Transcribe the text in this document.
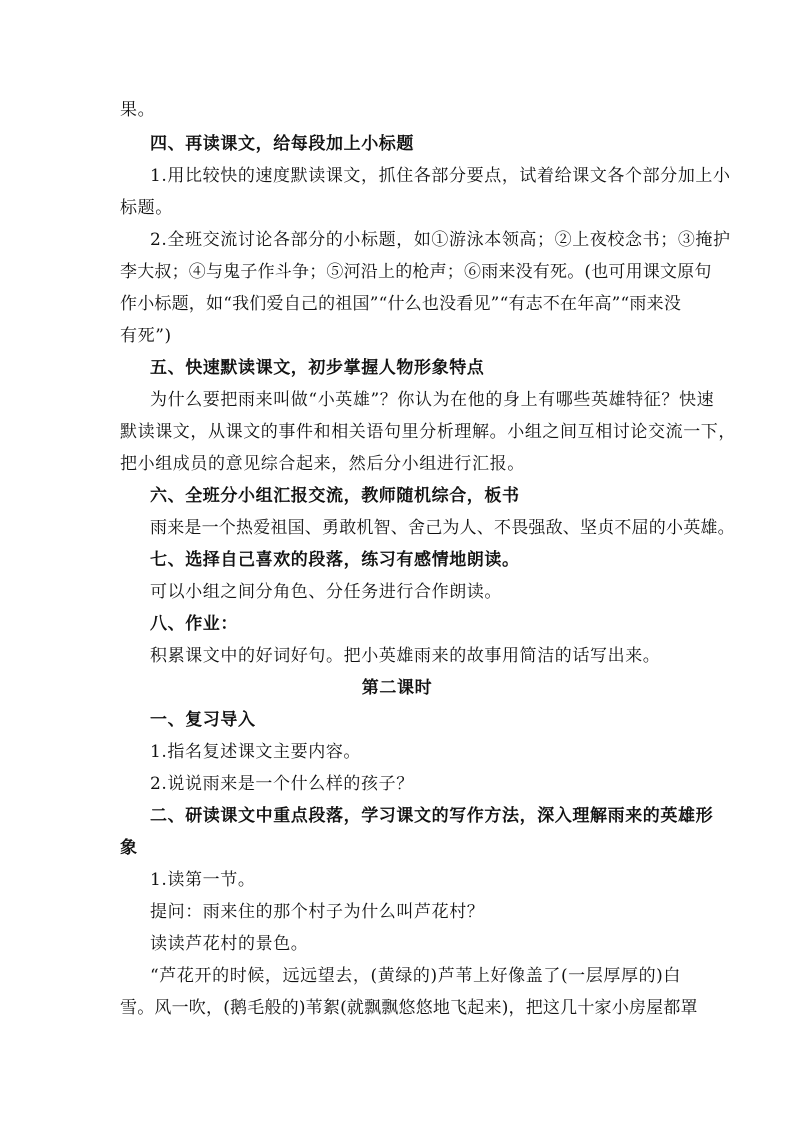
果。
四、再读课文，给每段加上小标题
1.用比较快的速度默读课文，抓住各部分要点，试着给课文各个部分加上小
标题。
2.全班交流讨论各部分的小标题，如①游泳本领高；②上夜校念书；③掩护
李大叔；④与鬼子作斗争；⑤河沿上的枪声；⑥雨来没有死。(也可用课文原句
作小标题，如“我们爱自己的祖国”“什么也没看见”“有志不在年高”“雨来没
有死”)
五、快速默读课文，初步掌握人物形象特点
为什么要把雨来叫做“小英雄”？你认为在他的身上有哪些英雄特征？快速
默读课文，从课文的事件和相关语句里分析理解。小组之间互相讨论交流一下，
把小组成员的意见综合起来，然后分小组进行汇报。
六、全班分小组汇报交流，教师随机综合，板书
雨来是一个热爱祖国、勇敢机智、舍己为人、不畏强敌、坚贞不屈的小英雄。
七、选择自己喜欢的段落，练习有感情地朗读。
可以小组之间分角色、分任务进行合作朗读。
八、作业：
积累课文中的好词好句。把小英雄雨来的故事用简洁的话写出来。
第二课时
一、复习导入
1.指名复述课文主要内容。
2.说说雨来是一个什么样的孩子？
二、研读课文中重点段落，学习课文的写作方法，深入理解雨来的英雄形
象
1.读第一节。
提问：雨来住的那个村子为什么叫芦花村？
读读芦花村的景色。
“芦花开的时候，远远望去，(黄绿的)芦苇上好像盖了(一层厚厚的)白
雪。风一吹，(鹅毛般的)苇絮(就飘飘悠悠地飞起来)，把这几十家小房屋都罩
